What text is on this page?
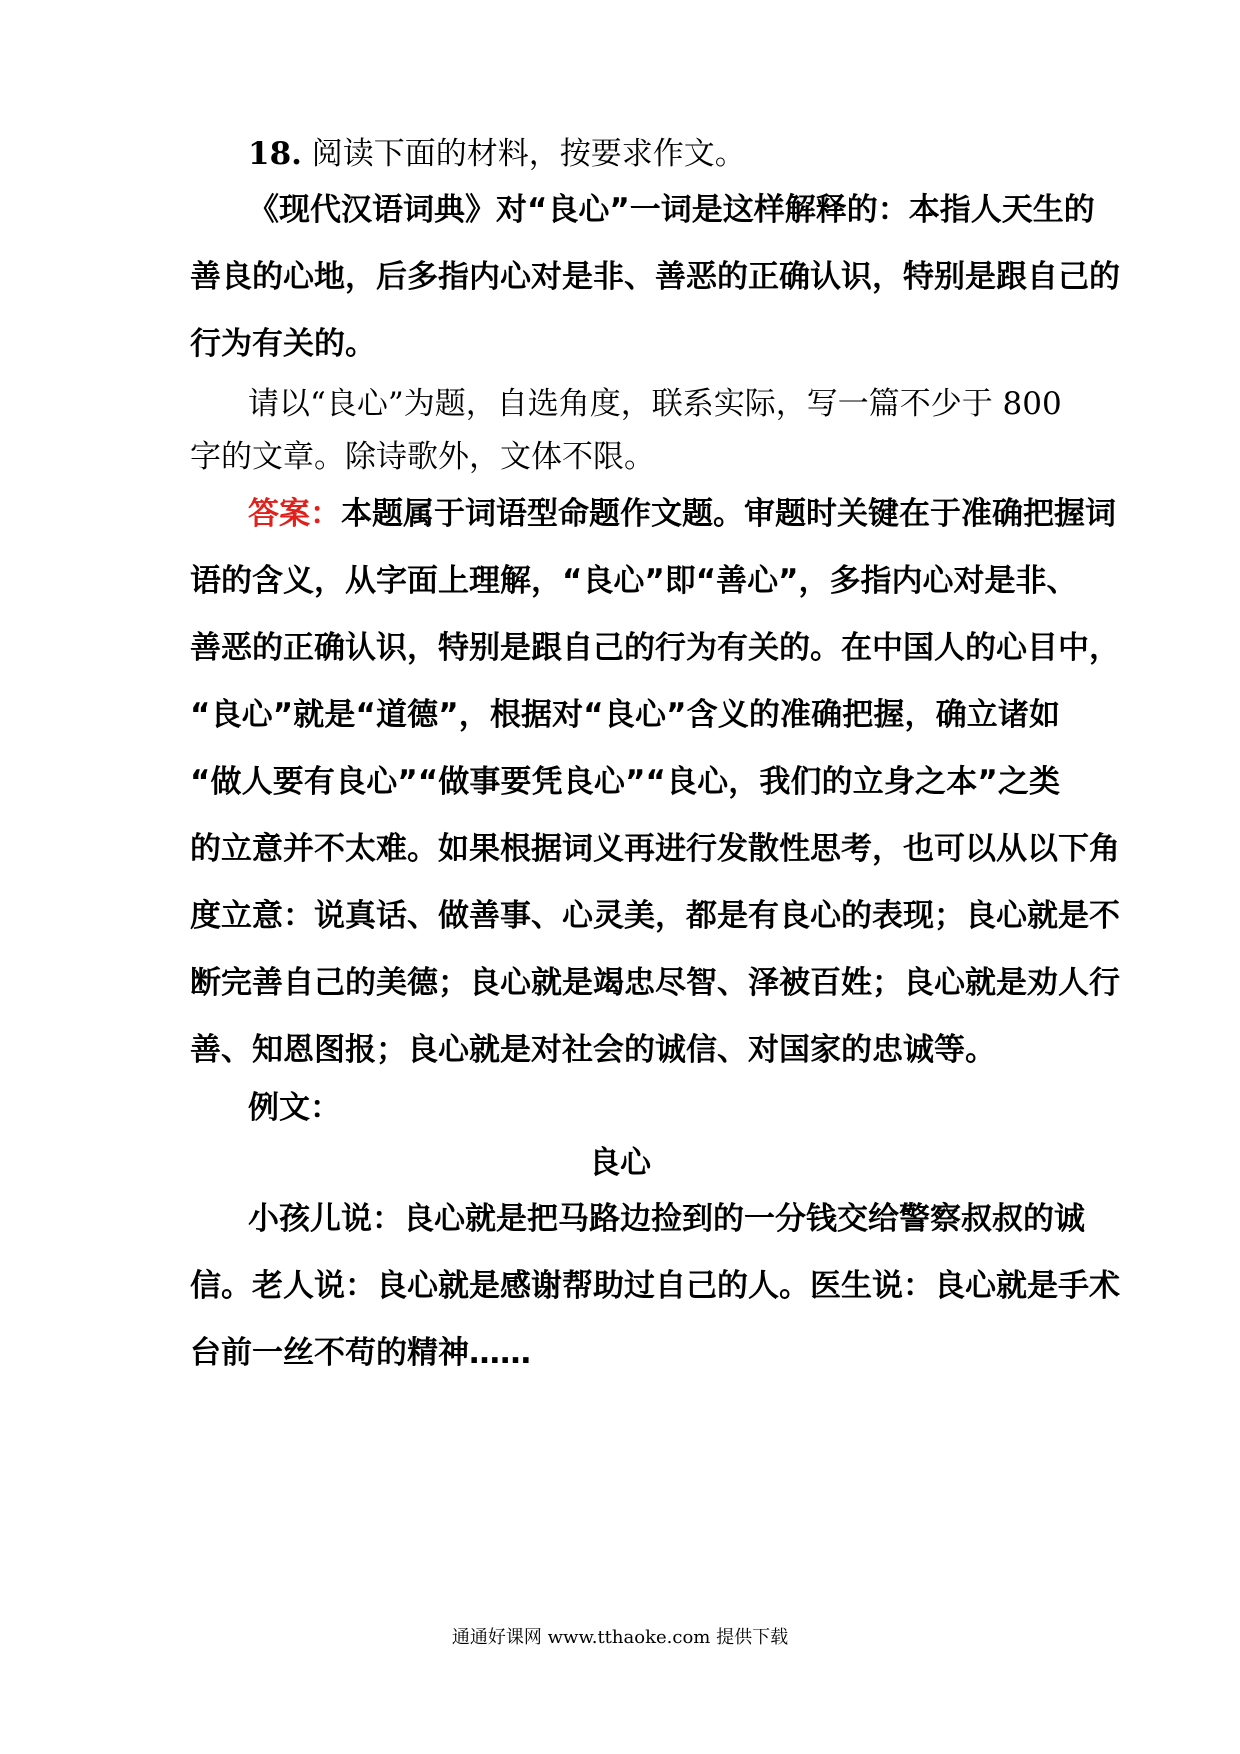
18. 阅读下面的材料，按要求作文。
《现代汉语词典》对“良心”一词是这样解释的：本指人天生的
善良的心地，后多指内心对是非、善恶的正确认识，特别是跟自己的
行为有关的。
请以“良心”为题，自选角度，联系实际，写一篇不少于 800
字的文章。除诗歌外，文体不限。
答案：本题属于词语型命题作文题。审题时关键在于准确把握词
语的含义，从字面上理解，“良心”即“善心”，多指内心对是非、
善恶的正确认识，特别是跟自己的行为有关的。在中国人的心目中，
“良心”就是“道德”，根据对“良心”含义的准确把握，确立诸如
“做人要有良心”“做事要凭良心”“良心，我们的立身之本”之类
的立意并不太难。如果根据词义再进行发散性思考，也可以从以下角
度立意：说真话、做善事、心灵美，都是有良心的表现；良心就是不
断完善自己的美德；良心就是竭忠尽智、泽被百姓；良心就是劝人行
善、知恩图报；良心就是对社会的诚信、对国家的忠诚等。
例文：
良心
小孩儿说：良心就是把马路边捡到的一分钱交给警察叔叔的诚
信。老人说：良心就是感谢帮助过自己的人。医生说：良心就是手术
台前一丝不苟的精神……
通通好课网 www.tthaoke.com 提供下载
